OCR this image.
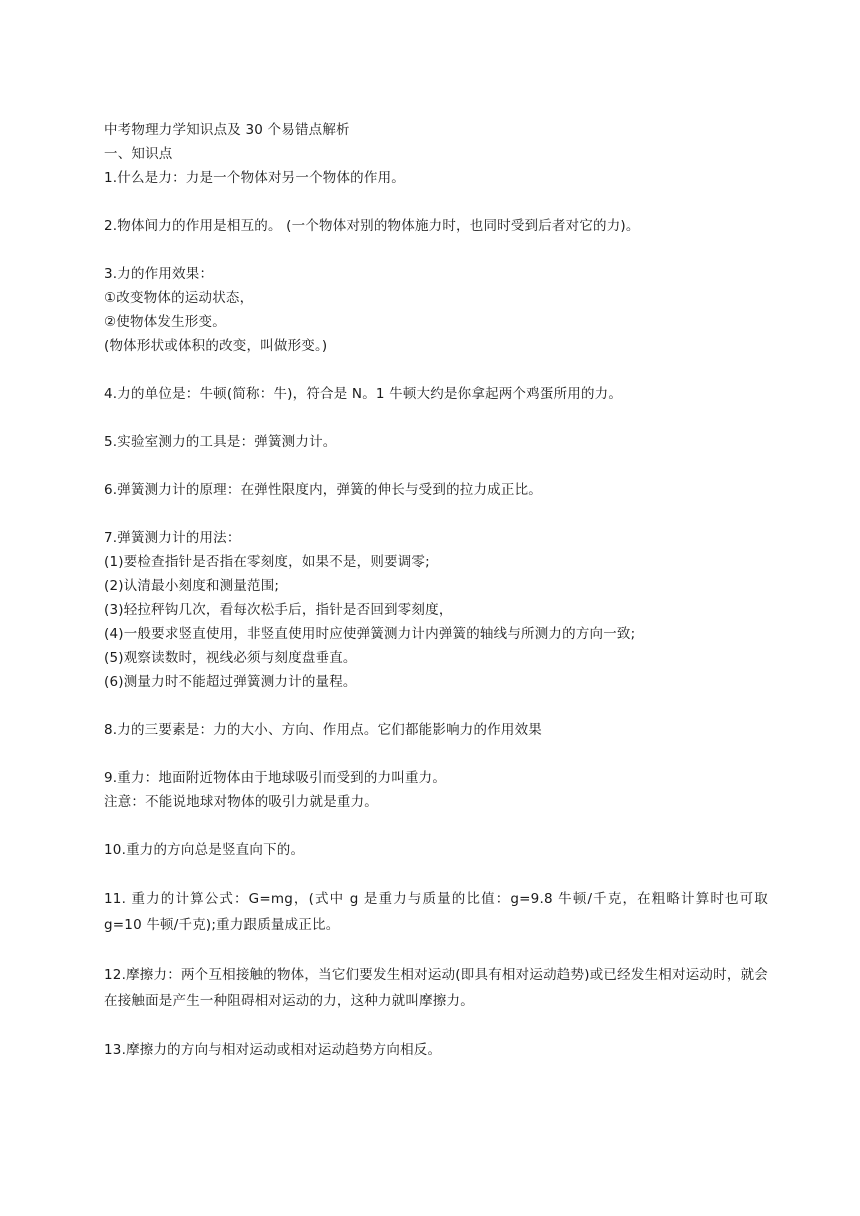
中考物理力学知识点及 30 个易错点解析
一、知识点
1.什么是力：力是一个物体对另一个物体的作用。
2.物体间力的作用是相互的。 (一个物体对别的物体施力时，也同时受到后者对它的力)。
3.力的作用效果：
①改变物体的运动状态，
②使物体发生形变。
(物体形状或体积的改变，叫做形变。)
4.力的单位是：牛顿(简称：牛)，符合是 N。1 牛顿大约是你拿起两个鸡蛋所用的力。
5.实验室测力的工具是：弹簧测力计。
6.弹簧测力计的原理：在弹性限度内，弹簧的伸长与受到的拉力成正比。
7.弹簧测力计的用法：
(1)要检查指针是否指在零刻度，如果不是，则要调零;
(2)认清最小刻度和测量范围;
(3)轻拉秤钩几次，看每次松手后，指针是否回到零刻度，
(4)一般要求竖直使用，非竖直使用时应使弹簧测力计内弹簧的轴线与所测力的方向一致;
(5)观察读数时，视线必须与刻度盘垂直。
(6)测量力时不能超过弹簧测力计的量程。
8.力的三要素是：力的大小、方向、作用点。它们都能影响力的作用效果
9.重力：地面附近物体由于地球吸引而受到的力叫重力。
注意：不能说地球对物体的吸引力就是重力。
10.重力的方向总是竖直向下的。
11. 重力的计算公式：G=mg，(式中 g 是重力与质量的比值：g=9.8 牛顿/千克，在粗略计算时也可取 g=10 牛顿/千克);重力跟质量成正比。
12.摩擦力：两个互相接触的物体，当它们要发生相对运动(即具有相对运动趋势)或已经发生相对运动时，就会在接触面是产生一种阻碍相对运动的力，这种力就叫摩擦力。
13.摩擦力的方向与相对运动或相对运动趋势方向相反。
